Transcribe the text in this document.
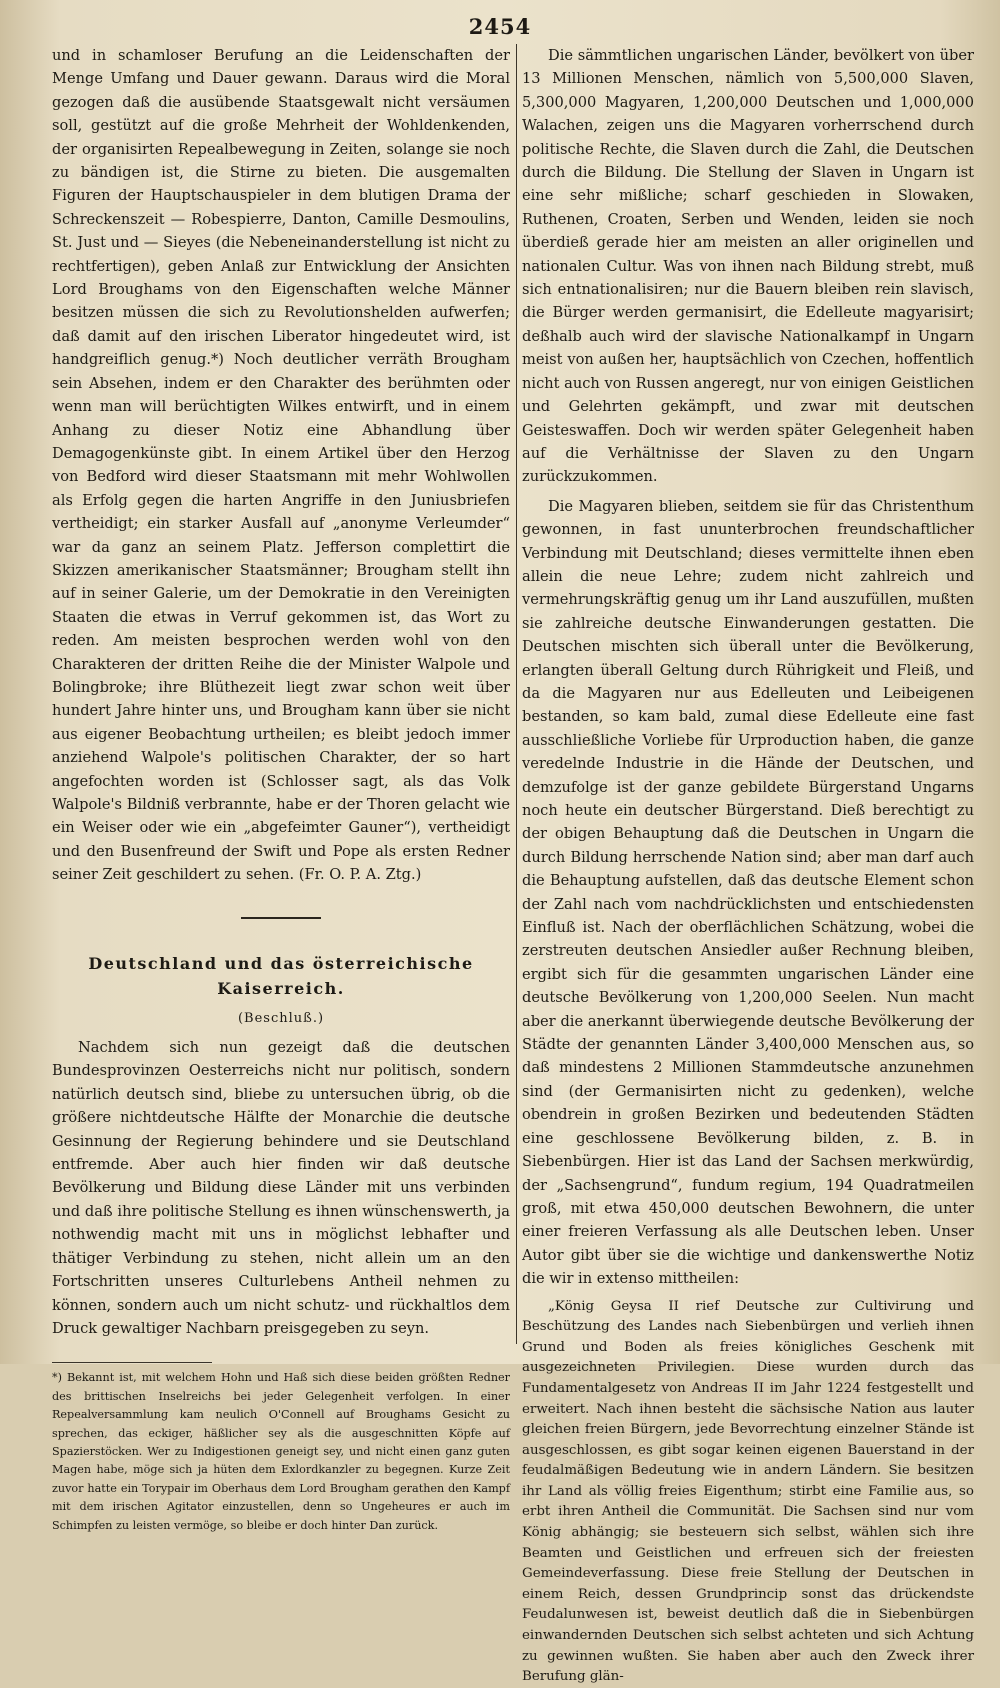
2454

und in schamloser Berufung an die Leidenschaften der Menge Umfang und Dauer gewann. Daraus wird die Moral gezogen daß die ausübende Staatsgewalt nicht versäumen soll, gestützt auf die große Mehrheit der Wohldenkenden, der organisirten Repealbewegung in Zeiten, solange sie noch zu bändigen ist, die Stirne zu bieten. Die ausgemalten Figuren der Hauptschauspieler in dem blutigen Drama der Schreckenszeit — Robespierre, Danton, Camille Desmoulins, St. Just und — Sieyes (die Nebeneinanderstellung ist nicht zu rechtfertigen), geben Anlaß zur Entwicklung der Ansichten Lord Broughams von den Eigenschaften welche Männer besitzen müssen die sich zu Revolutionshelden aufwerfen; daß damit auf den irischen Liberator hingedeutet wird, ist handgreiflich genug.*) Noch deutlicher verräth Brougham sein Absehen, indem er den Charakter des berühmten oder wenn man will berüchtigten Wilkes entwirft, und in einem Anhang zu dieser Notiz eine Abhandlung über Demagogenkünste gibt. In einem Artikel über den Herzog von Bedford wird dieser Staatsmann mit mehr Wohlwollen als Erfolg gegen die harten Angriffe in den Juniusbriefen vertheidigt; ein starker Ausfall auf „anonyme Verleumder“ war da ganz an seinem Platz. Jefferson complettirt die Skizzen amerikanischer Staatsmänner; Brougham stellt ihn auf in seiner Galerie, um der Demokratie in den Vereinigten Staaten die etwas in Verruf gekommen ist, das Wort zu reden. Am meisten besprochen werden wohl von den Charakteren der dritten Reihe die der Minister Walpole und Bolingbroke; ihre Blüthezeit liegt zwar schon weit über hundert Jahre hinter uns, und Brougham kann über sie nicht aus eigener Beobachtung urtheilen; es bleibt jedoch immer anziehend Walpole's politischen Charakter, der so hart angefochten worden ist (Schlosser sagt, als das Volk Walpole's Bildniß verbrannte, habe er der Thoren gelacht wie ein Weiser oder wie ein „abgefeimter Gauner“), vertheidigt und den Busenfreund der Swift und Pope als ersten Redner seiner Zeit geschildert zu sehen. (Fr. O. P. A. Ztg.)

Deutschland und das österreichische Kaiserreich.
(Beschluß.)

Nachdem sich nun gezeigt daß die deutschen Bundesprovinzen Oesterreichs nicht nur politisch, sondern natürlich deutsch sind, bliebe zu untersuchen übrig, ob die größere nichtdeutsche Hälfte der Monarchie die deutsche Gesinnung der Regierung behindere und sie Deutschland entfremde. Aber auch hier finden wir daß deutsche Bevölkerung und Bildung diese Länder mit uns verbinden und daß ihre politische Stellung es ihnen wünschenswerth, ja nothwendig macht mit uns in möglichst lebhafter und thätiger Verbindung zu stehen, nicht allein um an den Fortschritten unseres Culturlebens Antheil nehmen zu können, sondern auch um nicht schutz- und rückhaltlos dem Druck gewaltiger Nachbarn preisgegeben zu seyn.

*) Bekannt ist, mit welchem Hohn und Haß sich diese beiden größten Redner des brittischen Inselreichs bei jeder Gelegenheit verfolgen. In einer Repealversammlung kam neulich O'Connell auf Broughams Gesicht zu sprechen, das eckiger, häßlicher sey als die ausgeschnitten Köpfe auf Spazierstöcken. Wer zu Indigestionen geneigt sey, und nicht einen ganz guten Magen habe, möge sich ja hüten dem Exlordkanzler zu begegnen. Kurze Zeit zuvor hatte ein Torypair im Oberhaus dem Lord Brougham gerathen den Kampf mit dem irischen Agitator einzustellen, denn so Ungeheures er auch im Schimpfen zu leisten vermöge, so bleibe er doch hinter Dan zurück.

Die sämmtlichen ungarischen Länder, bevölkert von über 13 Millionen Menschen, nämlich von 5,500,000 Slaven, 5,300,000 Magyaren, 1,200,000 Deutschen und 1,000,000 Walachen, zeigen uns die Magyaren vorherrschend durch politische Rechte, die Slaven durch die Zahl, die Deutschen durch die Bildung. Die Stellung der Slaven in Ungarn ist eine sehr mißliche; scharf geschieden in Slowaken, Ruthenen, Croaten, Serben und Wenden, leiden sie noch überdieß gerade hier am meisten an aller originellen und nationalen Cultur. Was von ihnen nach Bildung strebt, muß sich entnationalisiren; nur die Bauern bleiben rein slavisch, die Bürger werden germanisirt, die Edelleute magyarisirt; deßhalb auch wird der slavische Nationalkampf in Ungarn meist von außen her, hauptsächlich von Czechen, hoffentlich nicht auch von Russen angeregt, nur von einigen Geistlichen und Gelehrten gekämpft, und zwar mit deutschen Geisteswaffen. Doch wir werden später Gelegenheit haben auf die Verhältnisse der Slaven zu den Ungarn zurückzukommen.

Die Magyaren blieben, seitdem sie für das Christenthum gewonnen, in fast ununterbrochen freundschaftlicher Verbindung mit Deutschland; dieses vermittelte ihnen eben allein die neue Lehre; zudem nicht zahlreich und vermehrungskräftig genug um ihr Land auszufüllen, mußten sie zahlreiche deutsche Einwanderungen gestatten. Die Deutschen mischten sich überall unter die Bevölkerung, erlangten überall Geltung durch Rührigkeit und Fleiß, und da die Magyaren nur aus Edelleuten und Leibeigenen bestanden, so kam bald, zumal diese Edelleute eine fast ausschließliche Vorliebe für Urproduction haben, die ganze veredelnde Industrie in die Hände der Deutschen, und demzufolge ist der ganze gebildete Bürgerstand Ungarns noch heute ein deutscher Bürgerstand. Dieß berechtigt zu der obigen Behauptung daß die Deutschen in Ungarn die durch Bildung herrschende Nation sind; aber man darf auch die Behauptung aufstellen, daß das deutsche Element schon der Zahl nach vom nachdrücklichsten und entschiedensten Einfluß ist. Nach der oberflächlichen Schätzung, wobei die zerstreuten deutschen Ansiedler außer Rechnung bleiben, ergibt sich für die gesammten ungarischen Länder eine deutsche Bevölkerung von 1,200,000 Seelen. Nun macht aber die anerkannt überwiegende deutsche Bevölkerung der Städte der genannten Länder 3,400,000 Menschen aus, so daß mindestens 2 Millionen Stammdeutsche anzunehmen sind (der Germanisirten nicht zu gedenken), welche obendrein in großen Bezirken und bedeutenden Städten eine geschlossene Bevölkerung bilden, z. B. in Siebenbürgen. Hier ist das Land der Sachsen merkwürdig, der „Sachsengrund“, fundum regium, 194 Quadratmeilen groß, mit etwa 450,000 deutschen Bewohnern, die unter einer freieren Verfassung als alle Deutschen leben. Unser Autor gibt über sie die wichtige und dankenswerthe Notiz die wir in extenso mittheilen:

„König Geysa II rief Deutsche zur Cultivirung und Beschützung des Landes nach Siebenbürgen und verlieh ihnen Grund und Boden als freies königliches Geschenk mit ausgezeichneten Privilegien. Diese wurden durch das Fundamentalgesetz von Andreas II im Jahr 1224 festgestellt und erweitert. Nach ihnen besteht die sächsische Nation aus lauter gleichen freien Bürgern, jede Bevorrechtung einzelner Stände ist ausgeschlossen, es gibt sogar keinen eigenen Bauerstand in der feudalmäßigen Bedeutung wie in andern Ländern. Sie besitzen ihr Land als völlig freies Eigenthum; stirbt eine Familie aus, so erbt ihren Antheil die Communität. Die Sachsen sind nur vom König abhängig; sie besteuern sich selbst, wählen sich ihre Beamten und Geistlichen und erfreuen sich der freiesten Gemeindeverfassung. Diese freie Stellung der Deutschen in einem Reich, dessen Grundprincip sonst das drückendste Feudalunwesen ist, beweist deutlich daß die in Siebenbürgen einwandernden Deutschen sich selbst achteten und sich Achtung zu gewinnen wußten. Sie haben aber auch den Zweck ihrer Berufung glän-
